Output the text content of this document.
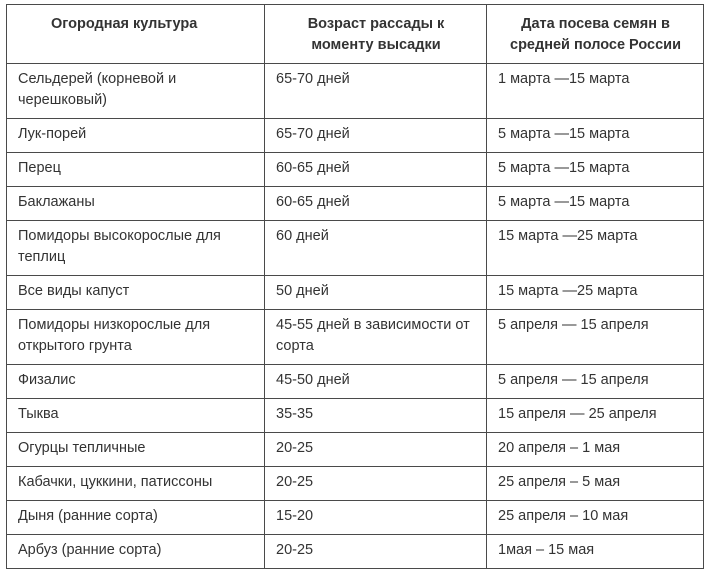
Огородная культура	Возраст рассады к моменту высадки	Дата посева семян в средней полосе России
Сельдерей (корневой и черешковый)	65-70 дней	1 марта —15 марта
Лук-порей	65-70 дней	5 марта —15 марта
Перец	60-65 дней	5 марта —15 марта
Баклажаны	60-65 дней	5 марта —15 марта
Помидоры высокорослые для теплиц	60 дней	15 марта —25 марта
Все виды капуст	50 дней	15 марта —25 марта
Помидоры низкорослые для открытого грунта	45-55 дней в зависимости от сорта	5 апреля — 15 апреля
Физалис	45-50 дней	5 апреля — 15 апреля
Тыква	35-35	15 апреля — 25 апреля
Огурцы тепличные	20-25	20 апреля – 1 мая
Кабачки, цуккини, патиссоны	20-25	25 апреля – 5 мая
Дыня (ранние сорта)	15-20	25 апреля – 10 мая
Арбуз (ранние сорта)	20-25	1мая – 15 мая
